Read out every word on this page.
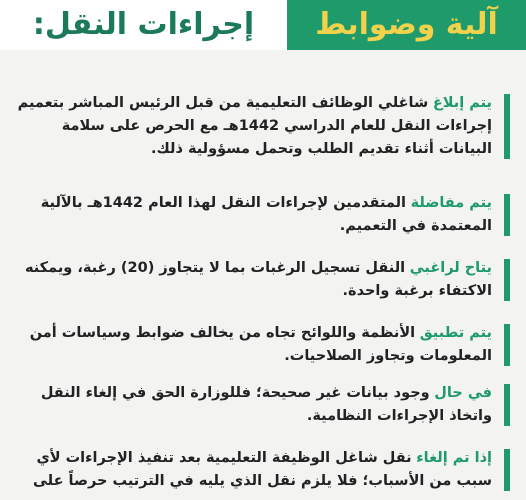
آلية وضوابط
إجراءات النقل:
يتم إبلاغ شاغلي الوظائف التعليمية من قبل الرئيس المباشر بتعميم إجراءات النقل للعام الدراسي 1442هـ مع الحرص على سلامة البيانات أثناء تقديم الطلب وتحمل مسؤولية ذلك.
يتم مفاضلة المتقدمين لإجراءات النقل لهذا العام 1442هـ بالآلية المعتمدة في التعميم.
يتاح لراغبي النقل تسجيل الرغبات بما لا يتجاوز (20) رغبة، ويمكنه الاكتفاء برغبة واحدة.
يتم تطبيق الأنظمة واللوائح تجاه من يخالف ضوابط وسياسات أمن المعلومات وتجاوز الصلاحيات.
في حال وجود بيانات غير صحيحة؛ فللوزارة الحق في إلغاء النقل واتخاذ الإجراءات النظامية.
إذا تم إلغاء نقل شاغل الوظيفة التعليمية بعد تنفيذ الإجراءات لأي سبب من الأسباب؛ فلا يلزم نقل الذي يليه في الترتيب حرصاً على
